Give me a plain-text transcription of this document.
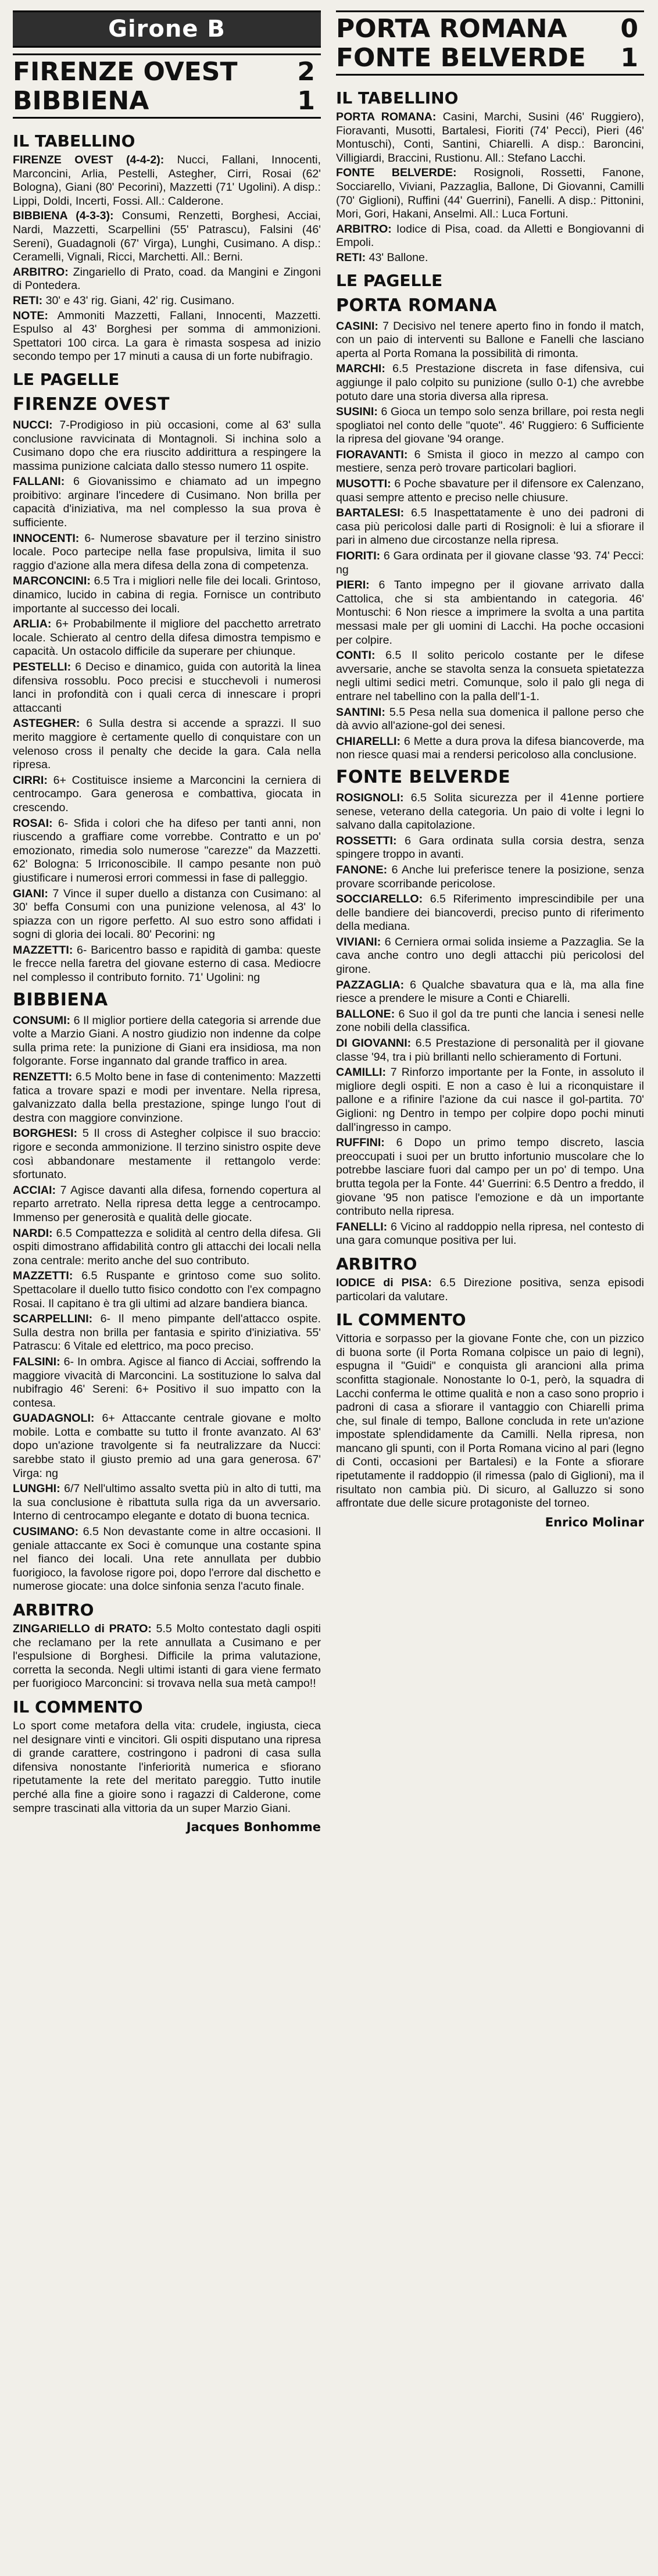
Girone B
FIRENZE OVEST 2
BIBBIENA	1
IL TABELLINO

FIRENZE OVEST (4-4-2): Nucci, Fallani, Innocenti, Marconcini, Arlia, Pestelli, Astegher, Cirri, Rosai (62' Bologna), Giani (80' Pecorini), Mazzetti (71' Ugolini). A disp.: Lippi, Doldi, Incerti, Fossi. All.: Calderone.

BIBBIENA (4-3-3): Consumi, Renzetti, Borghesi, Acciai, Nardi, Mazzetti, Scarpellini (55' Patrascu), Falsini (46' Sereni), Guadagnoli (67' Virga), Lunghi, Cusimano. A disp.: Ceramelli, Vignali, Ricci, Marchetti. All.: Berni.

ARBITRO: Zingariello di Prato, coad. da Mangini e Zingoni di Pontedera.

RETI: 30' e 43' rig. Giani, 42' rig. Cusimano.

NOTE: Ammoniti Mazzetti, Fallani, Innocenti, Mazzetti. Espulso al 43' Borghesi per somma di ammonizioni. Spettatori 100 circa. La gara è rimasta sospesa ad inizio secondo tempo per 17 minuti a causa di un forte nubifragio.

LE PAGELLE
FIRENZE OVEST

NUCCI: 7-Prodigioso in più occasioni, come al 63' sulla conclusione ravvicinata di Montagnoli. Si inchina solo a Cusimano dopo che era riuscito addirittura a respingere la massima punizione calciata dallo stesso numero 11 ospite.

FALLANI: 6 Giovanissimo e chiamato ad un impegno proibitivo: arginare l'incedere di Cusimano. Non brilla per capacità d'iniziativa, ma nel complesso la sua prova è sufficiente.

INNOCENTI: 6- Numerose sbavature per il terzino sinistro locale. Poco partecipe nella fase propulsiva, limita il suo raggio d'azione alla mera difesa della zona di competenza.

MARCONCINI: 6.5 Tra i migliori nelle file dei locali. Grintoso, dinamico, lucido in cabina di regia. Fornisce un contributo importante al successo dei locali.

ARLIA: 6+ Probabilmente il migliore del pacchetto arretrato locale. Schierato al centro della difesa dimostra tempismo e capacità. Un ostacolo difficile da superare per chiunque.

PESTELLI: 6 Deciso e dinamico, guida con autorità la linea difensiva rossoblu. Poco precisi e stucchevoli i numerosi lanci in profondità con i quali cerca di innescare i propri attaccanti

ASTEGHER: 6 Sulla destra si accende a sprazzi. Il suo merito maggiore è certamente quello di conquistare con un velenoso cross il penalty che decide la gara. Cala nella ripresa.

CIRRI: 6+ Costituisce insieme a Marconcini la cerniera di centrocampo. Gara generosa e combattiva, giocata in crescendo.

ROSAI: 6- Sfida i colori che ha difeso per tanti anni, non riuscendo a graffiare come vorrebbe. Contratto e un po' emozionato, rimedia solo numerose "carezze" da Mazzetti. 62' Bologna: 5 Irriconoscibile. Il campo pesante non può giustificare i numerosi errori commessi in fase di palleggio.

GIANI: 7 Vince il super duello a distanza con Cusimano: al 30' beffa Consumi con una punizione velenosa, al 43' lo spiazza con un rigore perfetto. Al suo estro sono affidati i sogni di gloria dei locali. 80' Pecorini: ng

MAZZETTI: 6- Baricentro basso e rapidità di gamba: queste le frecce nella faretra del giovane esterno di casa. Mediocre nel complesso il contributo fornito. 71' Ugolini: ng

BIBBIENA

CONSUMI: 6 Il miglior portiere della categoria si arrende due volte a Marzio Giani. A nostro giudizio non indenne da colpe sulla prima rete: la punizione di Giani era insidiosa, ma non folgorante. Forse ingannato dal grande traffico in area.

RENZETTI: 6.5 Molto bene in fase di contenimento: Mazzetti fatica a trovare spazi e modi per inventare. Nella ripresa, galvanizzato dalla bella prestazione, spinge lungo l'out di destra con maggiore convinzione.

BORGHESI: 5 Il cross di Astegher colpisce il suo braccio: rigore e seconda ammonizione. Il terzino sinistro ospite deve così abbandonare mestamente il rettangolo verde: sfortunato.

ACCIAI: 7 Agisce davanti alla difesa, fornendo copertura al reparto arretrato. Nella ripresa detta legge a centrocampo. Immenso per generosità e qualità delle giocate.

NARDI: 6.5 Compattezza e solidità al centro della difesa. Gli ospiti dimostrano affidabilità contro gli attacchi dei locali nella zona centrale: merito anche del suo contributo.

MAZZETTI: 6.5 Ruspante e grintoso come suo solito. Spettacolare il duello tutto fisico condotto con l'ex compagno Rosai. Il capitano è tra gli ultimi ad alzare bandiera bianca.

SCARPELLINI: 6- Il meno pimpante dell'attacco ospite. Sulla destra non brilla per fantasia e spirito d'iniziativa. 55' Patrascu: 6 Vitale ed elettrico, ma poco preciso.

FALSINI: 6- In ombra. Agisce al fianco di Acciai, soffrendo la maggiore vivacità di Marconcini. La sostituzione lo salva dal nubifragio 46' Sereni: 6+ Positivo il suo impatto con la contesa.

GUADAGNOLI: 6+ Attaccante centrale giovane e molto mobile. Lotta e combatte su tutto il fronte avanzato. Al 63' dopo un'azione travolgente si fa neutralizzare da Nucci: sarebbe stato il giusto premio ad una gara generosa. 67' Virga: ng

LUNGHI: 6/7 Nell'ultimo assalto svetta più in alto di tutti, ma la sua conclusione è ribattuta sulla riga da un avversario. Interno di centrocampo elegante e dotato di buona tecnica.

CUSIMANO: 6.5 Non devastante come in altre occasioni. Il geniale attaccante ex Soci è comunque una costante spina nel fianco dei locali. Una rete annullata per dubbio fuorigioco, la favolose rigore poi, dopo l'errore dal dischetto e numerose giocate: una dolce sinfonia senza l'acuto finale.

ARBITRO

ZINGARIELLO di PRATO: 5.5 Molto contestato dagli ospiti che reclamano per la rete annullata a Cusimano e per l'espulsione di Borghesi. Difficile la prima valutazione, corretta la seconda. Negli ultimi istanti di gara viene fermato per fuorigioco Marconcini: si trovava nella sua metà campo!!

IL COMMENTO

Lo sport come metafora della vita: crudele, ingiusta, cieca nel designare vinti e vincitori. Gli ospiti disputano una ripresa di grande carattere, costringono i padroni di casa sulla difensiva nonostante l'inferiorità numerica e sfiorano ripetutamente la rete del meritato pareggio. Tutto inutile perché alla fine a gioire sono i ragazzi di Calderone, come sempre trascinati alla vittoria da un super Marzio Giani.

Jacques Bonhomme
PORTA ROMANA 0
FONTE BELVERDE 1
IL TABELLINO

PORTA ROMANA: Casini, Marchi, Susini (46' Ruggiero), Fioravanti, Musotti, Bartalesi, Fioriti (74' Pecci), Pieri (46' Montuschi), Conti, Santini, Chiarelli. A disp.: Baroncini, Villigiardi, Braccini, Rustionu. All.: Stefano Lacchi.

FONTE BELVERDE: Rosignoli, Rossetti, Fanone, Socciarello, Viviani, Pazzaglia, Ballone, Di Giovanni, Camilli (70' Giglioni), Ruffini (44' Guerrini), Fanelli. A disp.: Pittonini, Mori, Gori, Hakani, Anselmi. All.: Luca Fortuni.

ARBITRO: Iodice di Pisa, coad. da Alletti e Bongiovanni di Empoli.

RETI: 43' Ballone.

LE PAGELLE
PORTA ROMANA

CASINI: 7 Decisivo nel tenere aperto fino in fondo il match, con un paio di interventi su Ballone e Fanelli che lasciano aperta al Porta Romana la possibilità di rimonta.

MARCHI: 6.5 Prestazione discreta in fase difensiva, cui aggiunge il palo colpito su punizione (sullo 0-1) che avrebbe potuto dare una storia diversa alla ripresa.

SUSINI: 6 Gioca un tempo solo senza brillare, poi resta negli spogliatoi nel conto delle "quote". 46' Ruggiero: 6 Sufficiente la ripresa del giovane '94 orange.

FIORAVANTI: 6 Smista il gioco in mezzo al campo con mestiere, senza però trovare particolari bagliori.

MUSOTTI: 6 Poche sbavature per il difensore ex Calenzano, quasi sempre attento e preciso nelle chiusure.

BARTALESI: 6.5 Inaspettatamente è uno dei padroni di casa più pericolosi dalle parti di Rosignoli: è lui a sfiorare il pari in almeno due circostanze nella ripresa.

FIORITI: 6 Gara ordinata per il giovane classe '93. 74' Pecci: ng

PIERI: 6 Tanto impegno per il giovane arrivato dalla Cattolica, che si sta ambientando in categoria. 46' Montuschi: 6 Non riesce a imprimere la svolta a una partita messasi male per gli uomini di Lacchi. Ha poche occasioni per colpire.

CONTI: 6.5 Il solito pericolo costante per le difese avversarie, anche se stavolta senza la consueta spietatezza negli ultimi sedici metri. Comunque, solo il palo gli nega di entrare nel tabellino con la palla dell'1-1.

SANTINI: 5.5 Pesa nella sua domenica il pallone perso che dà avvio all'azione-gol dei senesi.

CHIARELLI: 6 Mette a dura prova la difesa biancoverde, ma non riesce quasi mai a rendersi pericoloso alla conclusione.

FONTE BELVERDE

ROSIGNOLI: 6.5 Solita sicurezza per il 41enne portiere senese, veterano della categoria. Un paio di volte i legni lo salvano dalla capitolazione.

ROSSETTI: 6 Gara ordinata sulla corsia destra, senza spingere troppo in avanti.

FANONE: 6 Anche lui preferisce tenere la posizione, senza provare scorribande pericolose.

SOCCIARELLO: 6.5 Riferimento imprescindibile per una delle bandiere dei biancoverdi, preciso punto di riferimento della mediana.

VIVIANI: 6 Cerniera ormai solida insieme a Pazzaglia. Se la cava anche contro uno degli attacchi più pericolosi del girone.

PAZZAGLIA: 6 Qualche sbavatura qua e là, ma alla fine riesce a prendere le misure a Conti e Chiarelli.

BALLONE: 6 Suo il gol da tre punti che lancia i senesi nelle zone nobili della classifica.

DI GIOVANNI: 6.5 Prestazione di personalità per il giovane classe '94, tra i più brillanti nello schieramento di Fortuni.

CAMILLI: 7 Rinforzo importante per la Fonte, in assoluto il migliore degli ospiti. E non a caso è lui a riconquistare il pallone e a rifinire l'azione da cui nasce il gol-partita. 70' Giglioni: ng Dentro in tempo per colpire dopo pochi minuti dall'ingresso in campo.

RUFFINI: 6 Dopo un primo tempo discreto, lascia preoccupati i suoi per un brutto infortunio muscolare che lo potrebbe lasciare fuori dal campo per un po' di tempo. Una brutta tegola per la Fonte. 44' Guerrini: 6.5 Dentro a freddo, il giovane '95 non patisce l'emozione e dà un importante contributo nella ripresa.

FANELLI: 6 Vicino al raddoppio nella ripresa, nel contesto di una gara comunque positiva per lui.

ARBITRO

IODICE di PISA: 6.5 Direzione positiva, senza episodi particolari da valutare.

IL COMMENTO

Vittoria e sorpasso per la giovane Fonte che, con un pizzico di buona sorte (il Porta Romana colpisce un paio di legni), espugna il "Guidi" e conquista gli arancioni alla prima sconfitta stagionale. Nonostante lo 0-1, però, la squadra di Lacchi conferma le ottime qualità e non a caso sono proprio i padroni di casa a sfiorare il vantaggio con Chiarelli prima che, sul finale di tempo, Ballone concluda in rete un'azione impostate splendidamente da Camilli. Nella ripresa, non mancano gli spunti, con il Porta Romana vicino al pari (legno di Conti, occasioni per Bartalesi) e la Fonte a sfiorare ripetutamente il raddoppio (il rimessa (palo di Giglioni), ma il risultato non cambia più. Di sicuro, al Galluzzo si sono affrontate due delle sicure protagoniste del torneo.

Enrico Molinar
